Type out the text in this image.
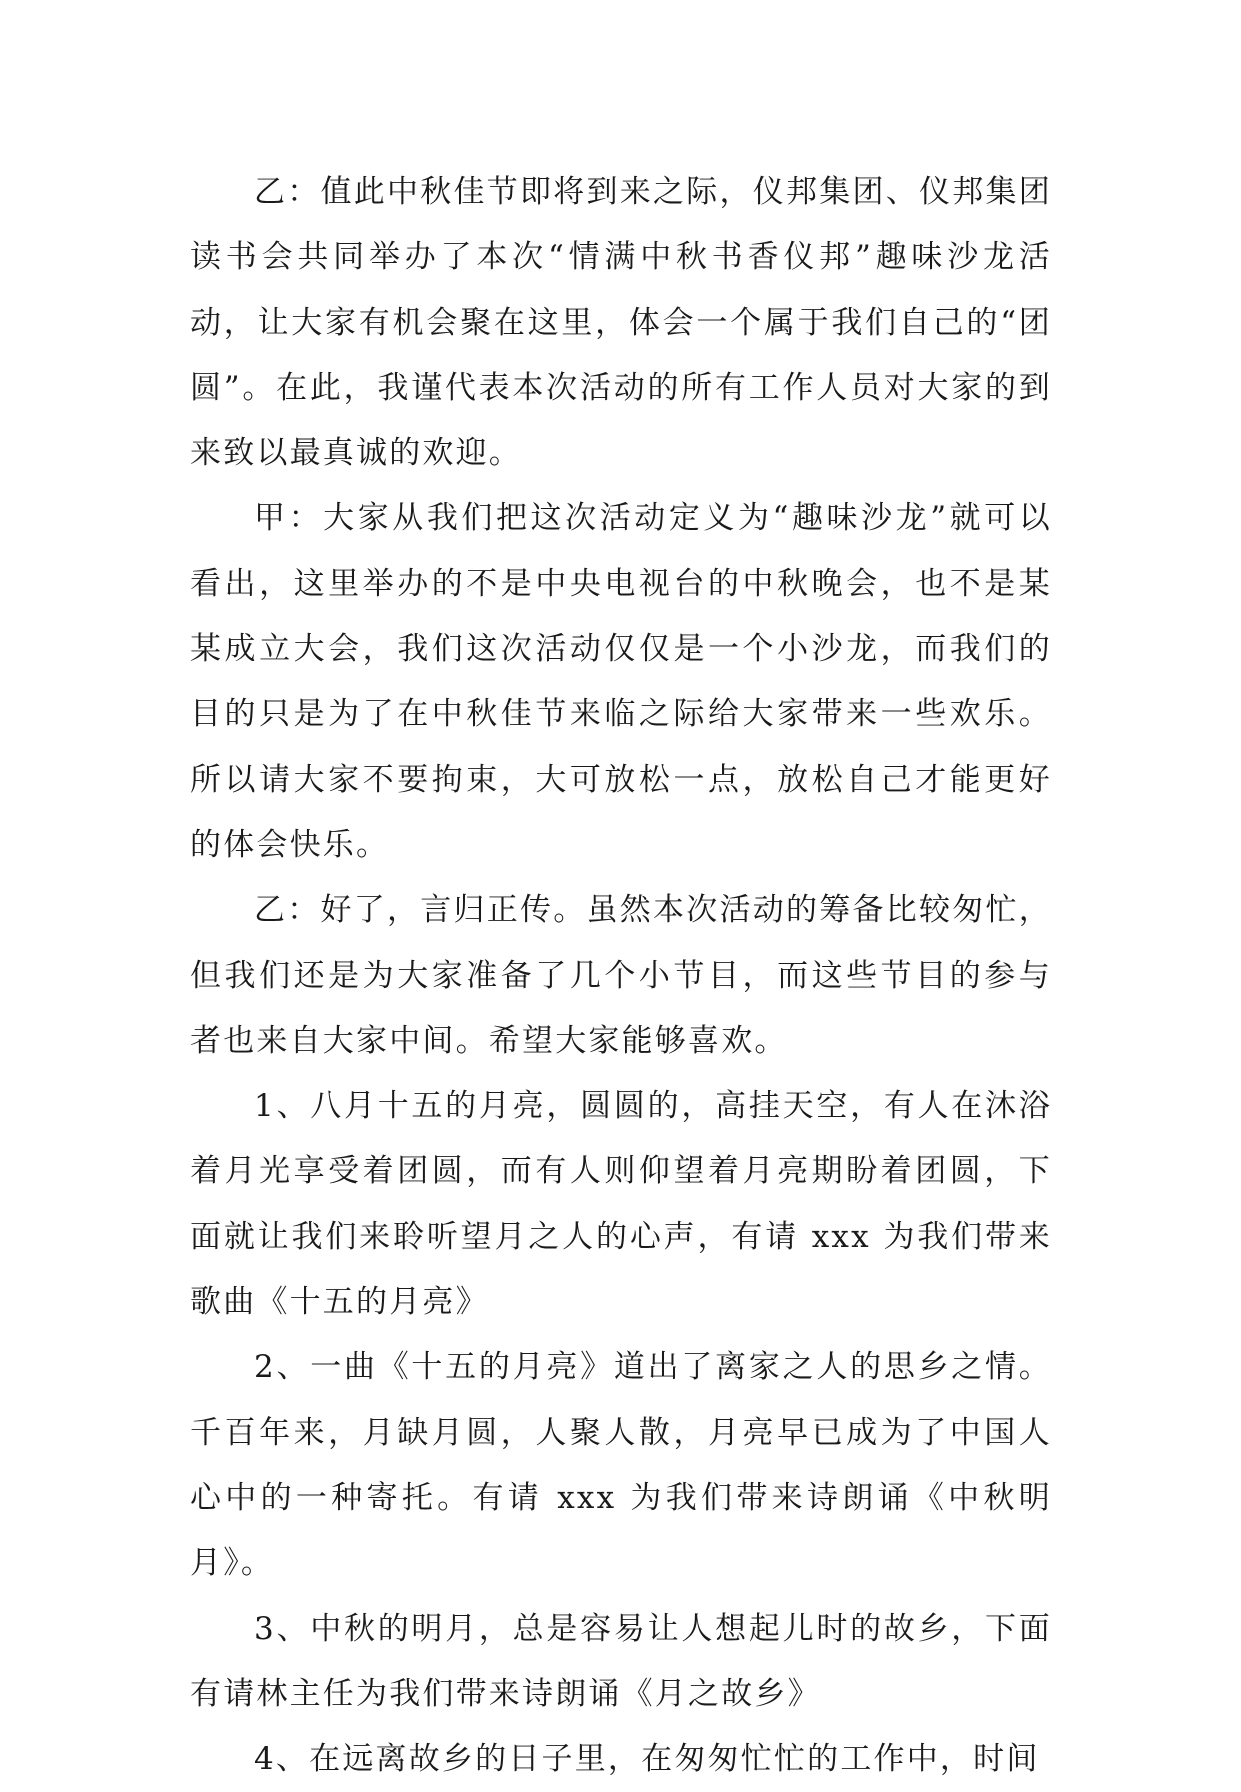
乙：值此中秋佳节即将到来之际，仪邦集团、仪邦集团读书会共同举办了本次“情满中秋书香仪邦”趣味沙龙活动，让大家有机会聚在这里，体会一个属于我们自己的“团圆”。在此，我谨代表本次活动的所有工作人员对大家的到来致以最真诚的欢迎。

甲：大家从我们把这次活动定义为“趣味沙龙”就可以看出，这里举办的不是中央电视台的中秋晚会，也不是某某成立大会，我们这次活动仅仅是一个小沙龙，而我们的目的只是为了在中秋佳节来临之际给大家带来一些欢乐。所以请大家不要拘束，大可放松一点，放松自己才能更好的体会快乐。

乙：好了，言归正传。虽然本次活动的筹备比较匆忙，但我们还是为大家准备了几个小节目，而这些节目的参与者也来自大家中间。希望大家能够喜欢。

1、八月十五的月亮，圆圆的，高挂天空，有人在沐浴着月光享受着团圆，而有人则仰望着月亮期盼着团圆，下面就让我们来聆听望月之人的心声，有请 xxx 为我们带来歌曲《十五的月亮》

2、一曲《十五的月亮》道出了离家之人的思乡之情。千百年来，月缺月圆，人聚人散，月亮早已成为了中国人心中的一种寄托。有请 xxx 为我们带来诗朗诵《中秋明月》。

3、中秋的明月，总是容易让人想起儿时的故乡，下面有请林主任为我们带来诗朗诵《月之故乡》

4、在远离故乡的日子里，在匆匆忙忙的工作中，时间
